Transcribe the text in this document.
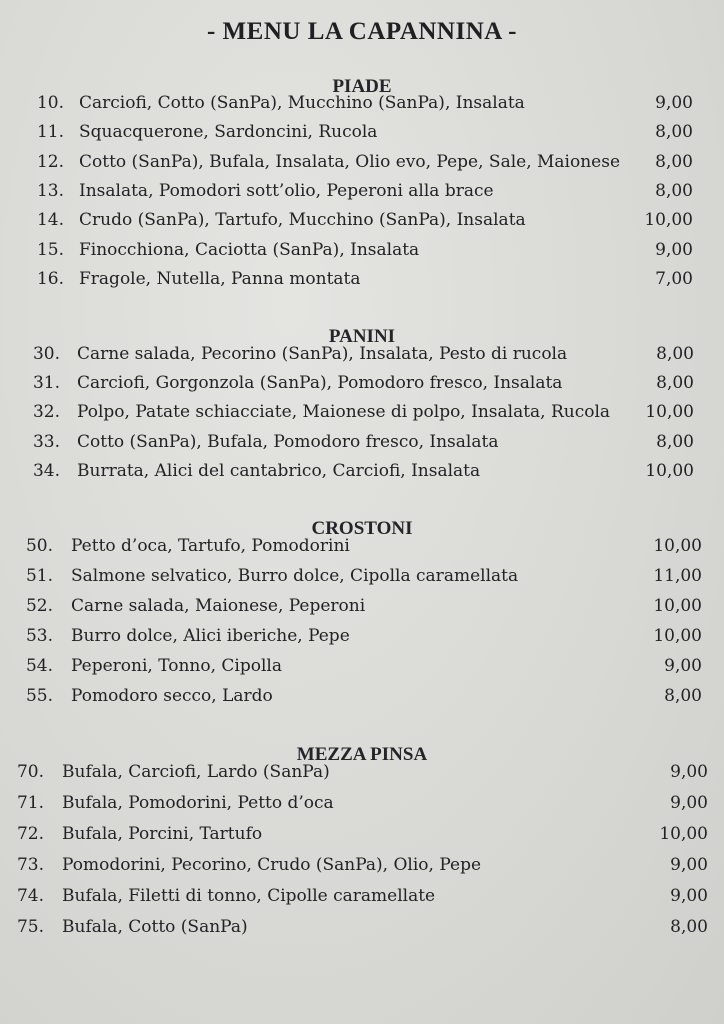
- MENU LA CAPANNINA -
PIADE
10. Carciofi, Cotto (SanPa), Mucchino (SanPa), Insalata	9,00
11. Squacquerone, Sardoncini, Rucola	8,00
12. Cotto (SanPa), Bufala, Insalata, Olio evo, Pepe, Sale, Maionese	8,00
13. Insalata, Pomodori sott’olio, Peperoni alla brace	8,00
14. Crudo (SanPa), Tartufo, Mucchino (SanPa), Insalata	10,00
15. Finocchiona, Caciotta (SanPa), Insalata	9,00
16. Fragole, Nutella, Panna montata	7,00
PANINI
30. Carne salada, Pecorino (SanPa), Insalata, Pesto di rucola	8,00
31. Carciofi, Gorgonzola (SanPa), Pomodoro fresco, Insalata	8,00
32. Polpo, Patate schiacciate, Maionese di polpo, Insalata, Rucola	10,00
33. Cotto (SanPa), Bufala, Pomodoro fresco, Insalata	8,00
34. Burrata, Alici del cantabrico, Carciofi, Insalata	10,00
CROSTONI
50. Petto d’oca, Tartufo, Pomodorini	10,00
51. Salmone selvatico, Burro dolce, Cipolla caramellata	11,00
52. Carne salada, Maionese, Peperoni	10,00
53. Burro dolce, Alici iberiche, Pepe	10,00
54. Peperoni, Tonno, Cipolla	9,00
55. Pomodoro secco, Lardo	8,00
MEZZA PINSA
70. Bufala, Carciofi, Lardo (SanPa)	9,00
71. Bufala, Pomodorini, Petto d’oca	9,00
72. Bufala, Porcini, Tartufo	10,00
73. Pomodorini, Pecorino, Crudo (SanPa), Olio, Pepe	9,00
74. Bufala, Filetti di tonno, Cipolle caramellate	9,00
75. Bufala, Cotto (SanPa)	8,00
